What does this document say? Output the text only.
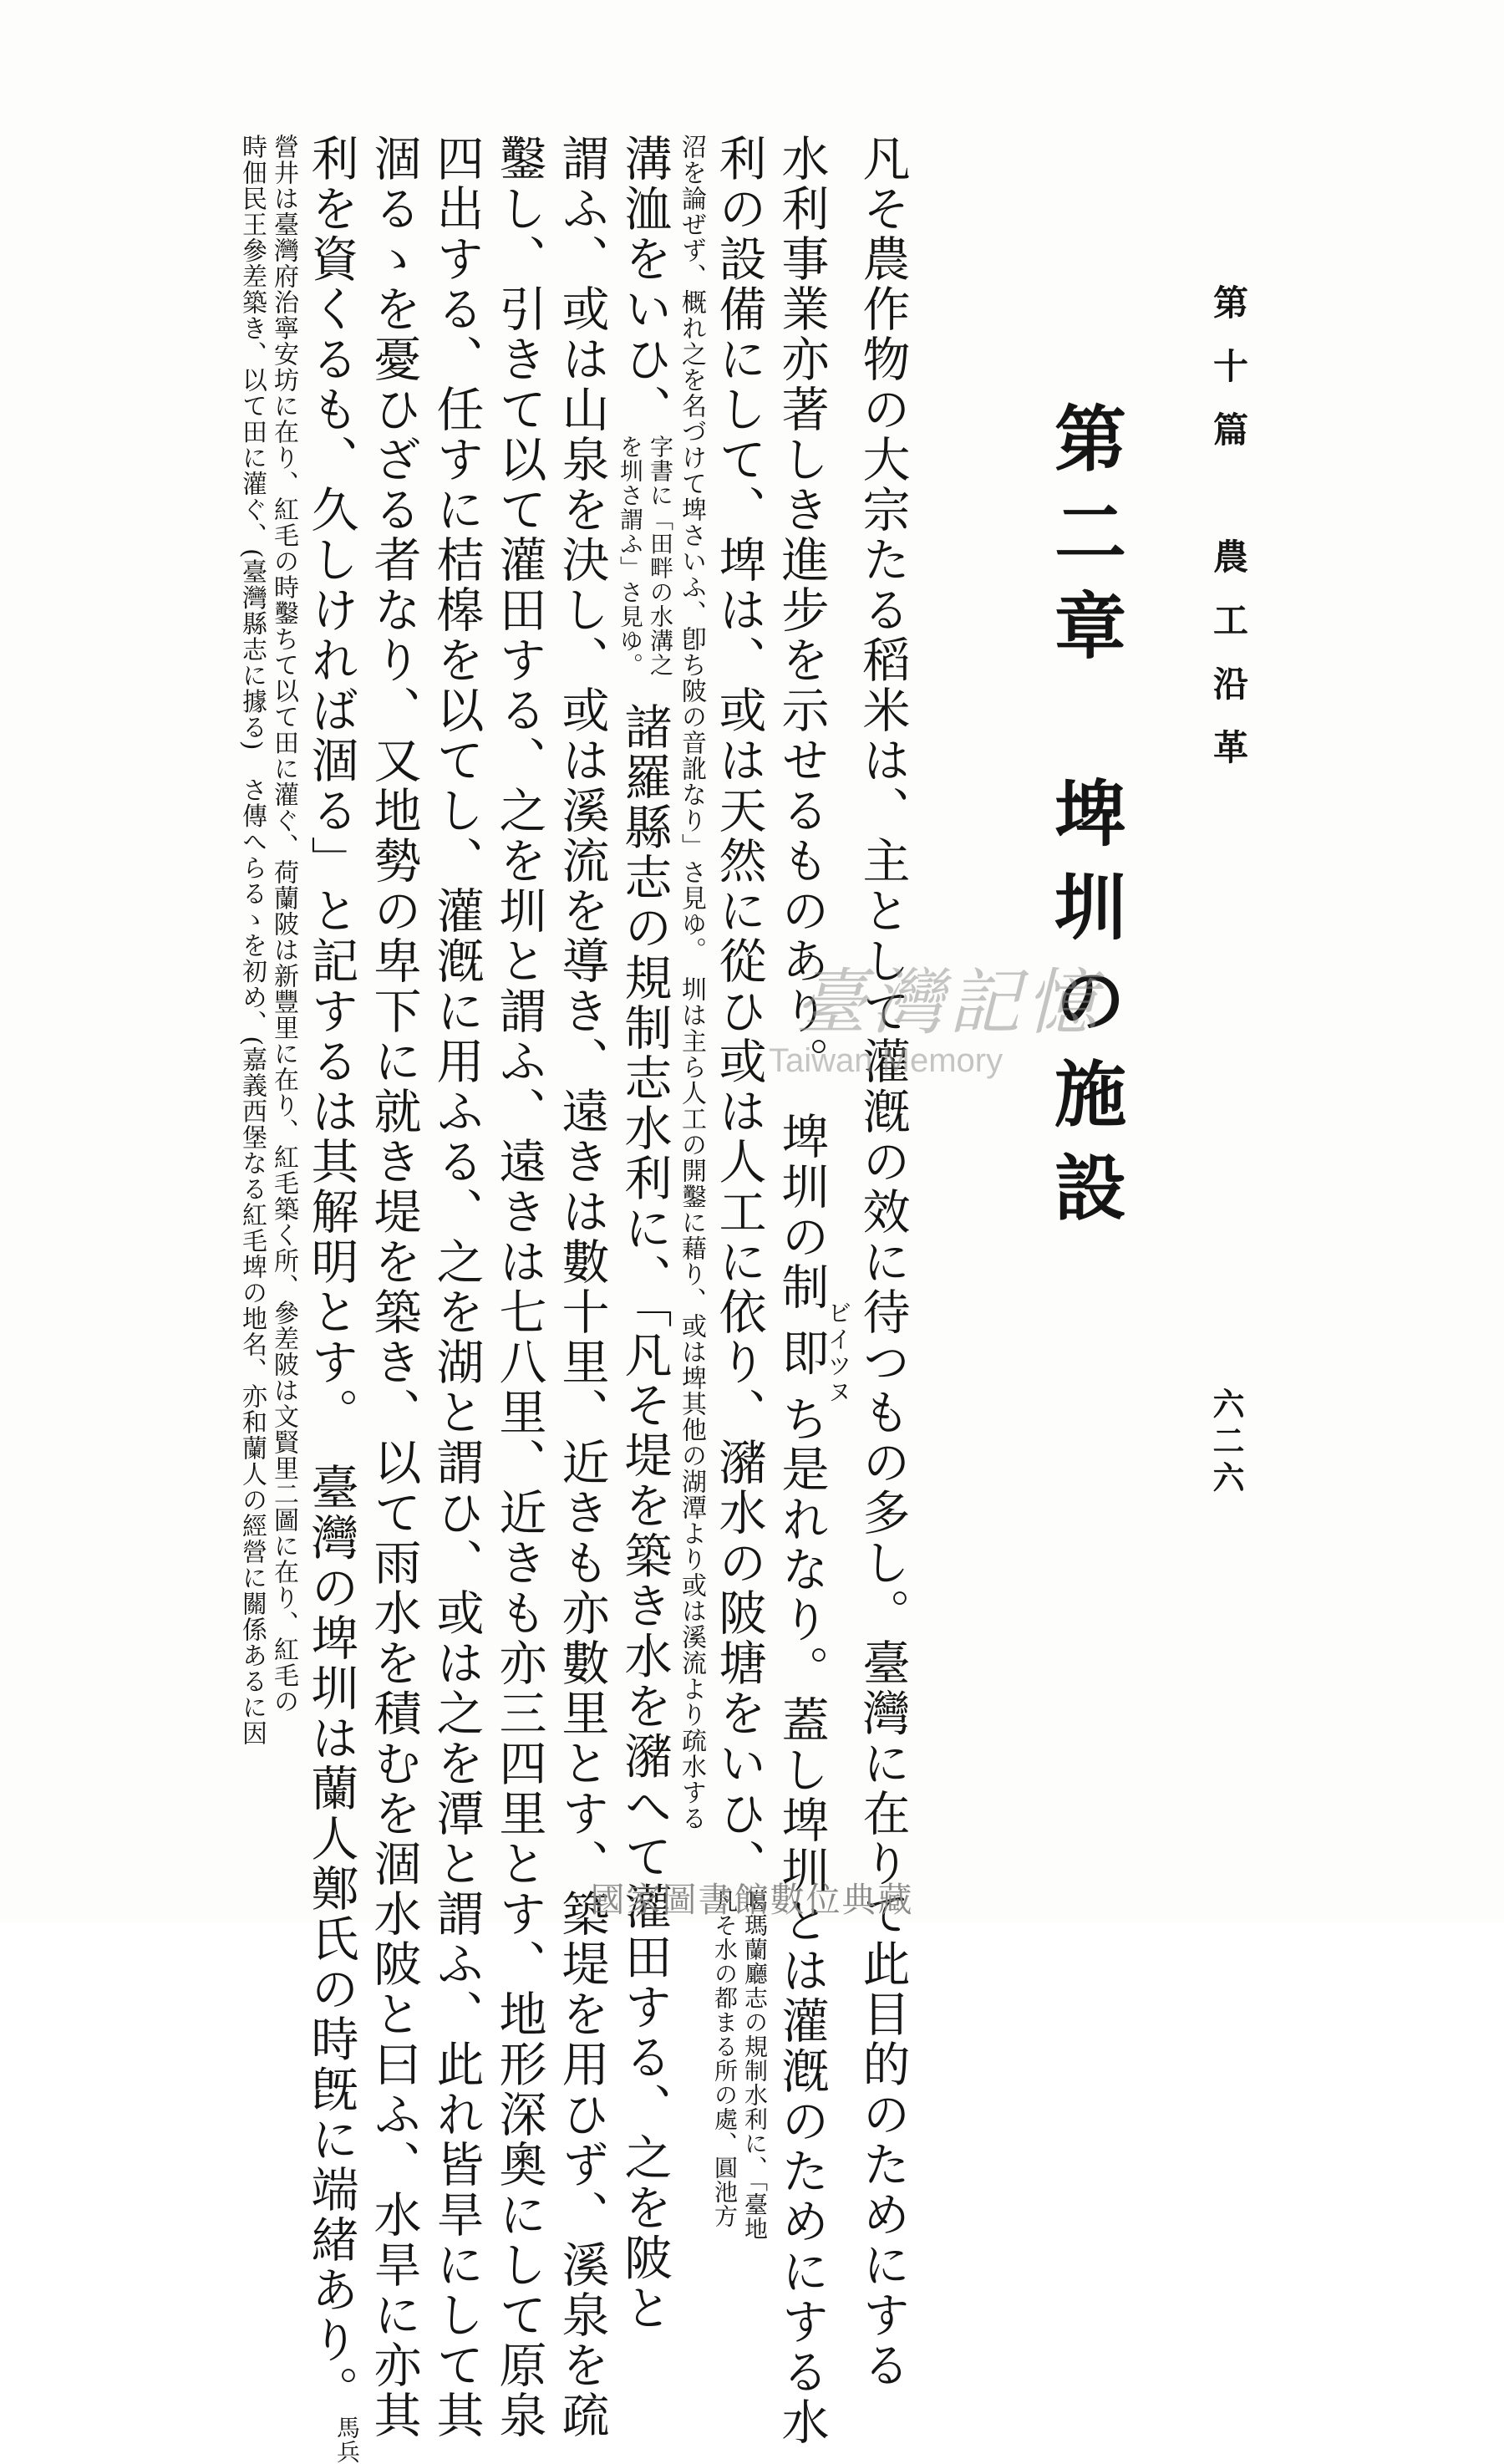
第十篇　農工沿革
六二六
第二章　埤圳の施設

凡そ農作物の大宗たる稻米は、主として灌漑の效に待つもの多し。臺灣に在りて此目的のためにする

水利事業亦著しき進步を示せるものあり。埤圳の制即ビイツヌち是れなり。蓋し埤圳とは灌漑のためにする水

利の設備にして、埤は、或は天然に從ひ或は人工に依り、瀦水の陂塘をいひ、噶瑪蘭廳志の規制水利に、「臺地
凡そ水の都まる所の處、圓池方

沼を論ぜず、概れ之を名づけて埤さいふ、卽ち陂の音訛なり」さ見ゆ。　圳は主ら人工の開鑿に藉り、或は埤其他の湖潭より或は溪流より疏水する

溝洫をいひ、字書に「田畔の水溝之
を圳さ謂ふ」さ見ゆ。諸羅縣志の規制志水利に、「凡そ堤を築き水を瀦へて灌田する、之を陂と

謂ふ、或は山泉を決し、或は溪流を導き、遠きは數十里、近きも亦數里とす、築堤を用ひず、溪泉を疏

鑿し、引きて以て灌田する、之を圳と謂ふ、遠きは七八里、近きも亦三四里とす、地形深奧にして原泉

四出する、任すに桔槔を以てし、灌漑に用ふる、之を湖と謂ひ、或は之を潭と謂ふ、此れ皆旱にして其

涸るゝを憂ひざる者なり、又地勢の卑下に就き堤を築き、以て雨水を積むを涸水陂と曰ふ、水旱に亦其

利を資くるも、久しければ涸る」と記するは其解明とす。臺灣の埤圳は蘭人鄭氏の時旣に端緒あり。馬兵

營井は臺灣府治寧安坊に在り、紅毛の時鑿ちて以て田に灌ぐ、荷蘭陂は新豐里に在り、紅毛築く所、參差陂は文賢里二圖に在り、紅毛の

時佃民王參差築き、以て田に灌ぐ、(臺灣縣志に據る)　さ傳へらるゝを初め、(嘉義西堡なる紅毛埤の地名、亦和蘭人の經營に關係あるに因	臺灣記憶
Taiwan Memory
國家圖書館數位典藏
